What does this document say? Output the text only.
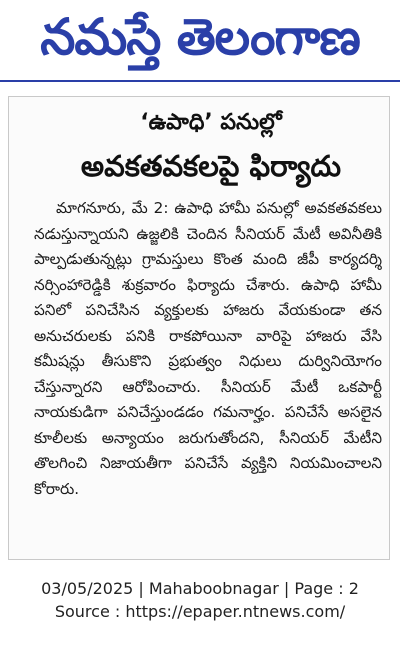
నమస్తే తెలంగాణ
‘ఉపాధి’ పనుల్లో
అవకతవకలపై ఫిర్యాదు

మాగనూరు, మే 2: ఉపాధి హామీ పనుల్లో అవకతవకలు నడుస్తున్నాయని ఉజ్జలికి చెందిన సీనియర్ మేటీ అవినీతికి పాల్పడుతున్నట్లు గ్రామస్తులు కొంత మంది జీపీ కార్యదర్శి నర్సింహారెడ్డికి శుక్రవారం ఫిర్యాదు చేశారు. ఉపాధి హామీ పనిలో పనిచేసిన వ్యక్తులకు హాజరు వేయకుండా తన అనుచరులకు పనికి రాకపోయినా వారిపై హాజరు వేసి కమీషన్లు తీసుకొని ప్రభుత్వం నిధులు దుర్వినియోగం చేస్తున్నారని ఆరోపించారు. సీనియర్ మేటీ ఒకపార్టీ నాయకుడిగా పనిచేస్తుండడం గమనార్హం. పనిచేసే అసలైన కూలీలకు అన్యాయం జరుగుతోందని, సీనియర్ మేటీని తొలగించి నిజాయతీగా పనిచేసే వ్యక్తిని నియమించాలని కోరారు.

03/05/2025 | Mahaboobnagar | Page : 2
Source : https://epaper.ntnews.com/
